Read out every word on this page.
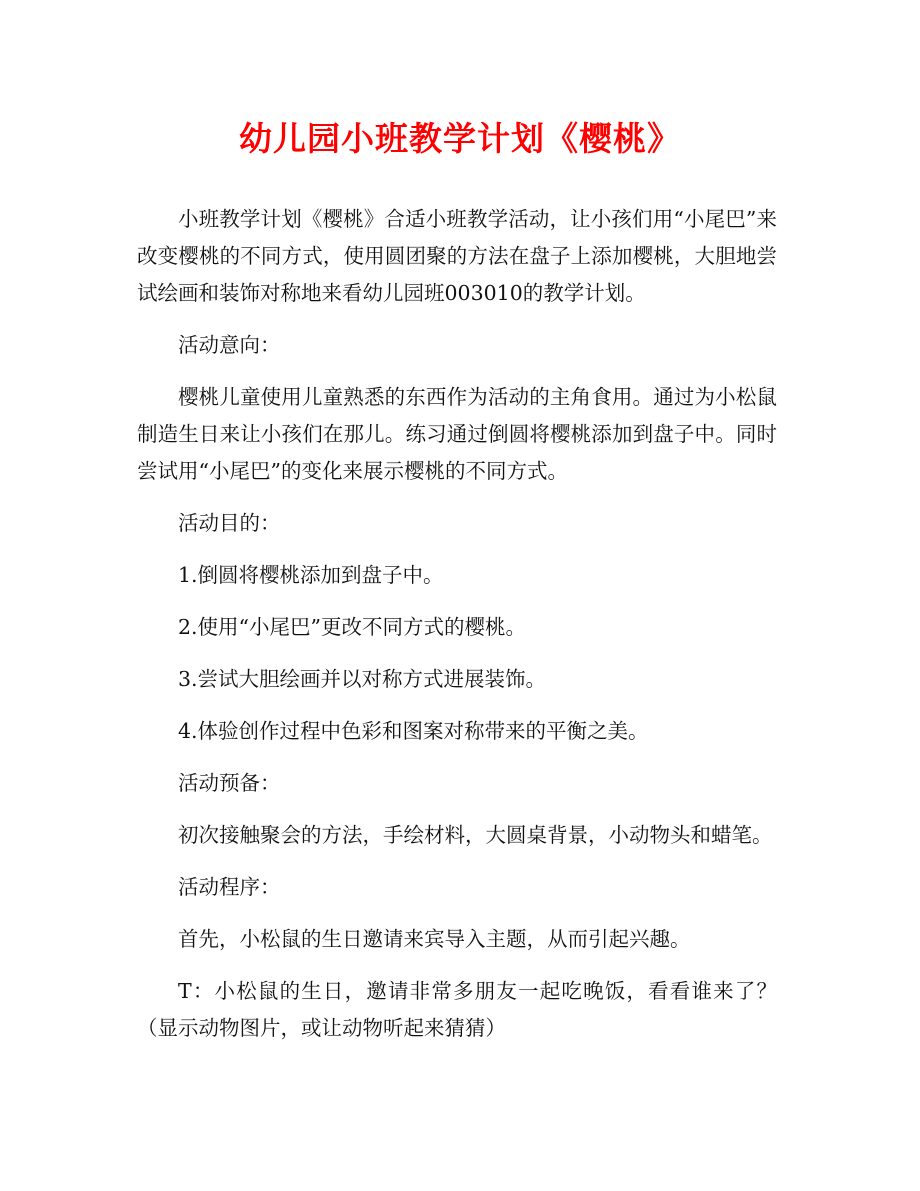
幼儿园小班教学计划《樱桃》

小班教学计划《樱桃》合适小班教学活动，让小孩们用“小尾巴”来改变樱桃的不同方式，使用圆团聚的方法在盘子上添加樱桃，大胆地尝试绘画和装饰对称地来看幼儿园班003010的教学计划。

活动意向：

樱桃儿童使用儿童熟悉的东西作为活动的主角食用。通过为小松鼠制造生日来让小孩们在那儿。练习通过倒圆将樱桃添加到盘子中。同时尝试用“小尾巴”的变化来展示樱桃的不同方式。

活动目的：

1.倒圆将樱桃添加到盘子中。

2.使用“小尾巴”更改不同方式的樱桃。

3.尝试大胆绘画并以对称方式进展装饰。

4.体验创作过程中色彩和图案对称带来的平衡之美。

活动预备：

初次接触聚会的方法，手绘材料，大圆桌背景，小动物头和蜡笔。

活动程序：

首先，小松鼠的生日邀请来宾导入主题，从而引起兴趣。

T：小松鼠的生日，邀请非常多朋友一起吃晚饭，看看谁来了？（显示动物图片，或让动物听起来猜猜）
